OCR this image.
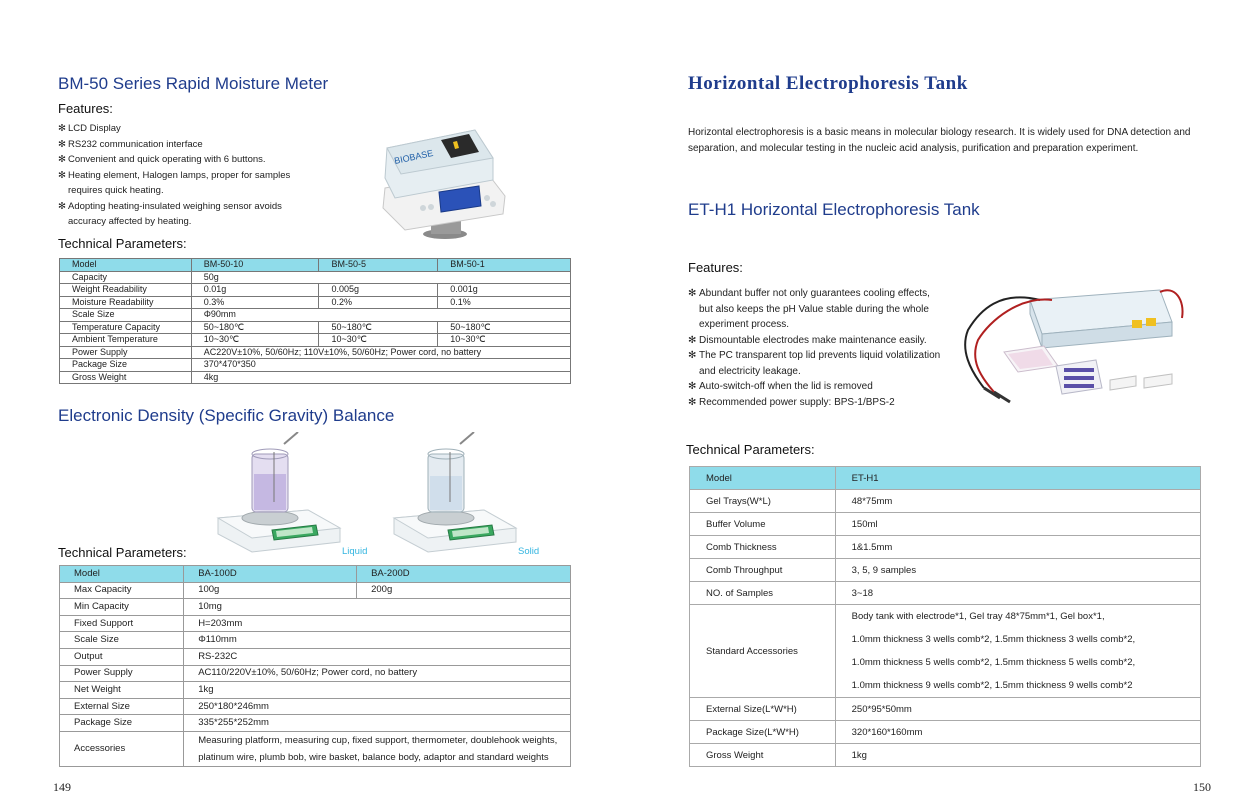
BM-50 Series Rapid Moisture Meter
Features:
✻ LCD Display
✻ RS232 communication interface
✻ Convenient and quick operating with 6 buttons.
✻ Heating element, Halogen lamps, proper for samples
requires quick heating.
✻ Adopting heating-insulated weighing sensor avoids
accuracy affected by heating.
BIOBASE
Technical Parameters:
Model	BM-50-10	BM-50-5	BM-50-1
Capacity	50g		
Weight Readability	0.01g	0.005g	0.001g
Moisture Readability	0.3%	0.2%	0.1%
Scale Size	Φ90mm		
Temperature Capacity	50~180℃	50~180℃	50~180℃
Ambient Temperature	10~30℃	10~30℃	10~30℃
Power Supply	AC220V±10%, 50/60Hz; 110V±10%, 50/60Hz; Power cord, no battery		
Package Size	370*470*350		
Gross Weight	4kg		
Electronic Density (Specific Gravity) Balance
Liquid	Solid
Technical Parameters:
Model	BA-100D	BA-200D
Max Capacity	100g	200g
Min Capacity	10mg	
Fixed Support	H=203mm	
Scale Size	Φ110mm	
Output	RS-232C	
Power Supply	AC110/220V±10%, 50/60Hz; Power cord, no battery	
Net Weight	1kg	
External Size	250*180*246mm	
Package Size	335*255*252mm	
Accessories	Measuring platform, measuring cup, fixed support, thermometer, doublehook weights,
platinum wire, plumb bob, wire basket, balance body, adaptor and standard weights	
149
Horizontal Electrophoresis Tank
Horizontal electrophoresis is a basic means in molecular biology research. It is widely used for DNA detection and
separation, and molecular testing in the nucleic acid analysis, purification and preparation experiment.
ET-H1 Horizontal Electrophoresis Tank
Features:
✻ Abundant buffer not only guarantees cooling effects,
but also keeps the pH Value stable during the whole
experiment process.
✻ Dismountable electrodes make maintenance easily.
✻ The PC transparent top lid prevents liquid volatilization
and electricity leakage.
✻ Auto-switch-off when the lid is removed
✻ Recommended power supply: BPS-1/BPS-2
Technical Parameters:
Model	ET-H1
Gel Trays(W*L)	48*75mm
Buffer Volume	150ml
Comb Thickness	1&1.5mm
Comb Throughput	3, 5, 9 samples
NO. of Samples	3~18
Standard Accessories	Body tank with electrode*1, Gel tray 48*75mm*1, Gel box*1,
1.0mm thickness 3 wells comb*2, 1.5mm thickness 3 wells comb*2,
1.0mm thickness 5 wells comb*2, 1.5mm thickness 5 wells comb*2,
1.0mm thickness 9 wells comb*2, 1.5mm thickness 9 wells comb*2
External Size(L*W*H)	250*95*50mm
Package Size(L*W*H)	320*160*160mm
Gross Weight	1kg
150
